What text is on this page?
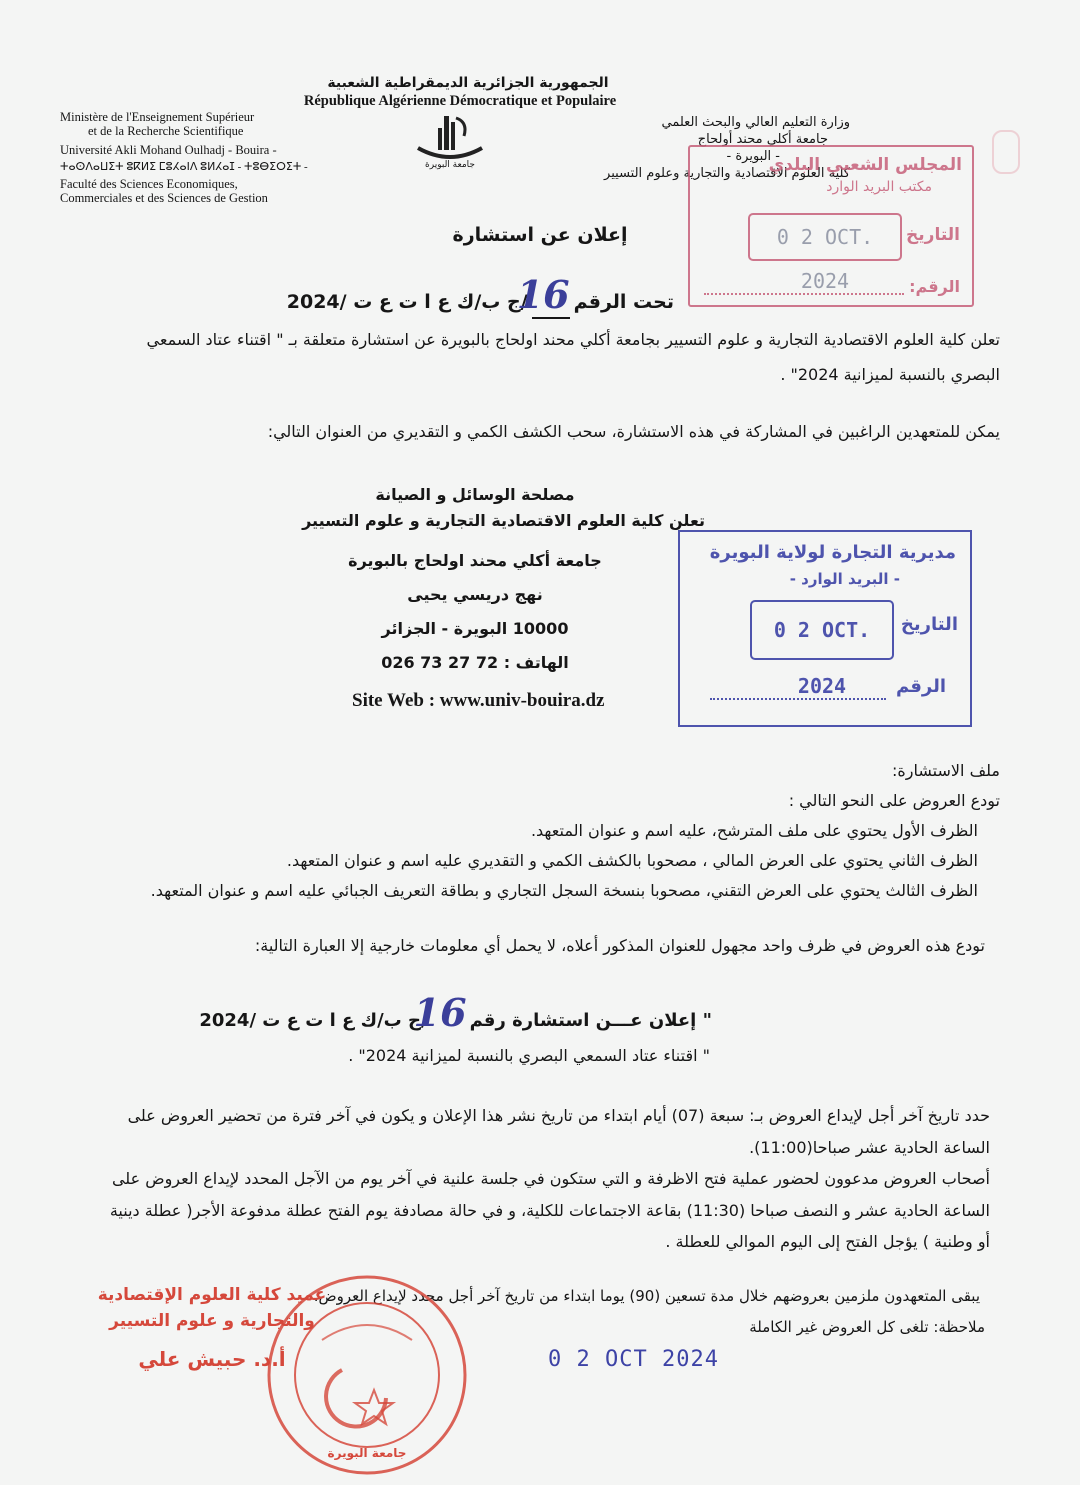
الجمهورية الجزائرية الديمقراطية الشعبية
République Algérienne Démocratique et Populaire
Ministère de l'Enseignement Supérieur
et de la Recherche Scientifique
Université Akli Mohand Oulhadj - Bouira -
ⵜⴰⵙⴷⴰⵡⵉⵜ ⵓⴽⵍⵉ ⵎⵓⵃⴰⵏⴷ ⵓⵍⵃⴰⵊ - ⵜⵓⴱⵉⵔⵉⵜ -
Faculté des Sciences Economiques,
Commerciales et des Sciences de Gestion
جامعة البويرة
وزارة التعليم العالي والبحث العلمي
جامعة أكلي محند أولحاج
- البويرة -
كلية العلوم الاقتصادية والتجارية وعلوم التسيير
المجلس الشعبي البلدي
مكتب البريد الوارد
التاريخ
0 2 OCT. 2024	الرقم:
إعلان عن استشارة
تحت الرقم16/ج ب/ك ع ا ت ع ت /2024
تعلن كلية العلوم الاقتصادية التجارية و علوم التسيير بجامعة أكلي محند اولحاج بالبويرة عن استشارة متعلقة بـ " اقتناء عتاد السمعي
البصري بالنسبة لميزانية 2024" .
يمكن للمتعهدين الراغبين في المشاركة في هذه الاستشارة، سحب الكشف الكمي و التقديري من العنوان التالي:
مصلحة الوسائل و الصيانة
تعلن كلية العلوم الاقتصادية التجارية و علوم التسيير
جامعة أكلي محند اولحاج بالبويرة
نهج دريسي يحيى
10000 البويرة - الجزائر
الهاتف : 72 27 73 026
Site Web : www.univ-bouira.dz
مديرية التجارة لولاية البويرة
- البريد الوارد -
التاريخ
0 2 OCT. 2024	الرقم
ملف الاستشارة:
تودع العروض على النحو التالي :
الظرف الأول يحتوي على ملف المترشح، عليه اسم و عنوان المتعهد.
الظرف الثاني يحتوي على العرض المالي ، مصحوبا بالكشف الكمي و التقديري عليه اسم و عنوان المتعهد.
الظرف الثالث يحتوي على العرض التقني، مصحوبا بنسخة السجل التجاري و بطاقة التعريف الجبائي عليه اسم و عنوان المتعهد.
تودع هذه العروض في ظرف واحد مجهول للعنوان المذكور أعلاه، لا يحمل أي معلومات خارجية إلا العبارة التالية:
" إعلان عـــن استشارة رقم16/ج ب/ك ع ا ت ع ت /2024
" اقتناء عتاد السمعي البصري بالنسبة لميزانية 2024" .
حدد تاريخ آخر أجل لإيداع العروض بـ: سبعة (07) أيام ابتداء من تاريخ نشر هذا الإعلان و يكون في آخر فترة من تحضير العروض على
الساعة الحادية عشر صباحا(11:00).
أصحاب العروض مدعوون لحضور عملية فتح الاظرفة و التي ستكون في جلسة علنية في آخر يوم من الآجل المحدد لإيداع العروض على
الساعة الحادية عشر و النصف صباحا (11:30) بقاعة الاجتماعات للكلية، و في حالة مصادفة يوم الفتح عطلة مدفوعة الأجر( عطلة دينية
أو وطنية ) يؤجل الفتح إلى اليوم الموالي للعطلة .
يبقى المتعهدون ملزمين بعروضهم خلال مدة تسعين (90) يوما ابتداء من تاريخ آخر أجل محدد لإيداع العروض.
ملاحظة: تلغى كل العروض غير الكاملة
عميد كلية العلوم الإقتصادية
والتجارية و علوم التسيير
أ.د. حبيش علي
جامعة البويرة
0 2 OCT 2024
